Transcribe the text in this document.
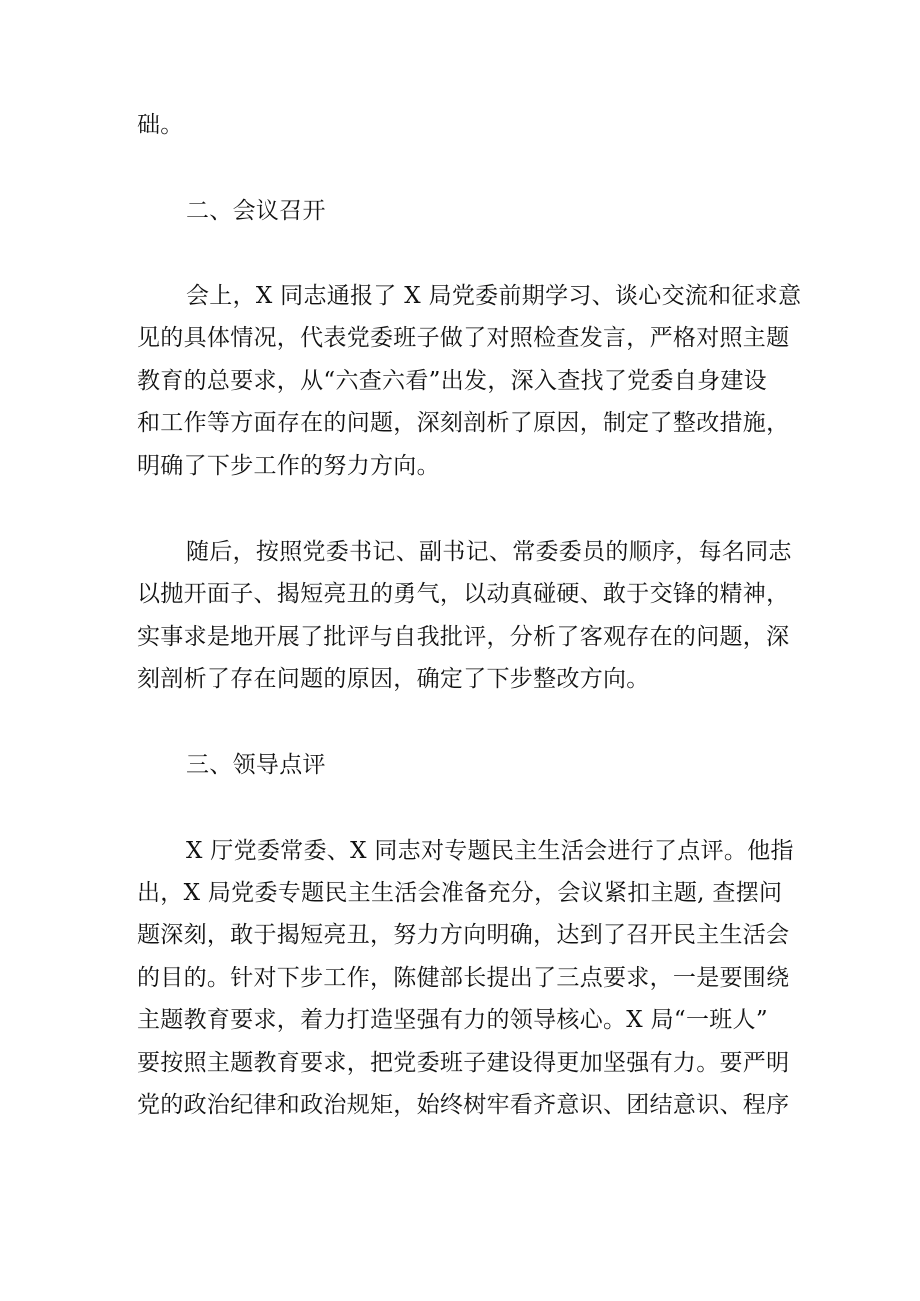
础。
二、会议召开
会上，X 同志通报了 X 局党委前期学习、谈心交流和征求意
见的具体情况，代表党委班子做了对照检查发言，严格对照主题
教育的总要求，从“六查六看”出发，深入查找了党委自身建设
和工作等方面存在的问题，深刻剖析了原因，制定了整改措施，
明确了下步工作的努力方向。
随后，按照党委书记、副书记、常委委员的顺序，每名同志
以抛开面子、揭短亮丑的勇气，以动真碰硬、敢于交锋的精神，
实事求是地开展了批评与自我批评，分析了客观存在的问题，深
刻剖析了存在问题的原因，确定了下步整改方向。
三、领导点评
X 厅党委常委、X 同志对专题民主生活会进行了点评。他指
出，X 局党委专题民主生活会准备充分，会议紧扣主题, 查摆问
题深刻，敢于揭短亮丑，努力方向明确，达到了召开民主生活会
的目的。针对下步工作，陈健部长提出了三点要求，一是要围绕
主题教育要求，着力打造坚强有力的领导核心。X 局“一班人”
要按照主题教育要求，把党委班子建设得更加坚强有力。要严明
党的政治纪律和政治规矩，始终树牢看齐意识、团结意识、程序
